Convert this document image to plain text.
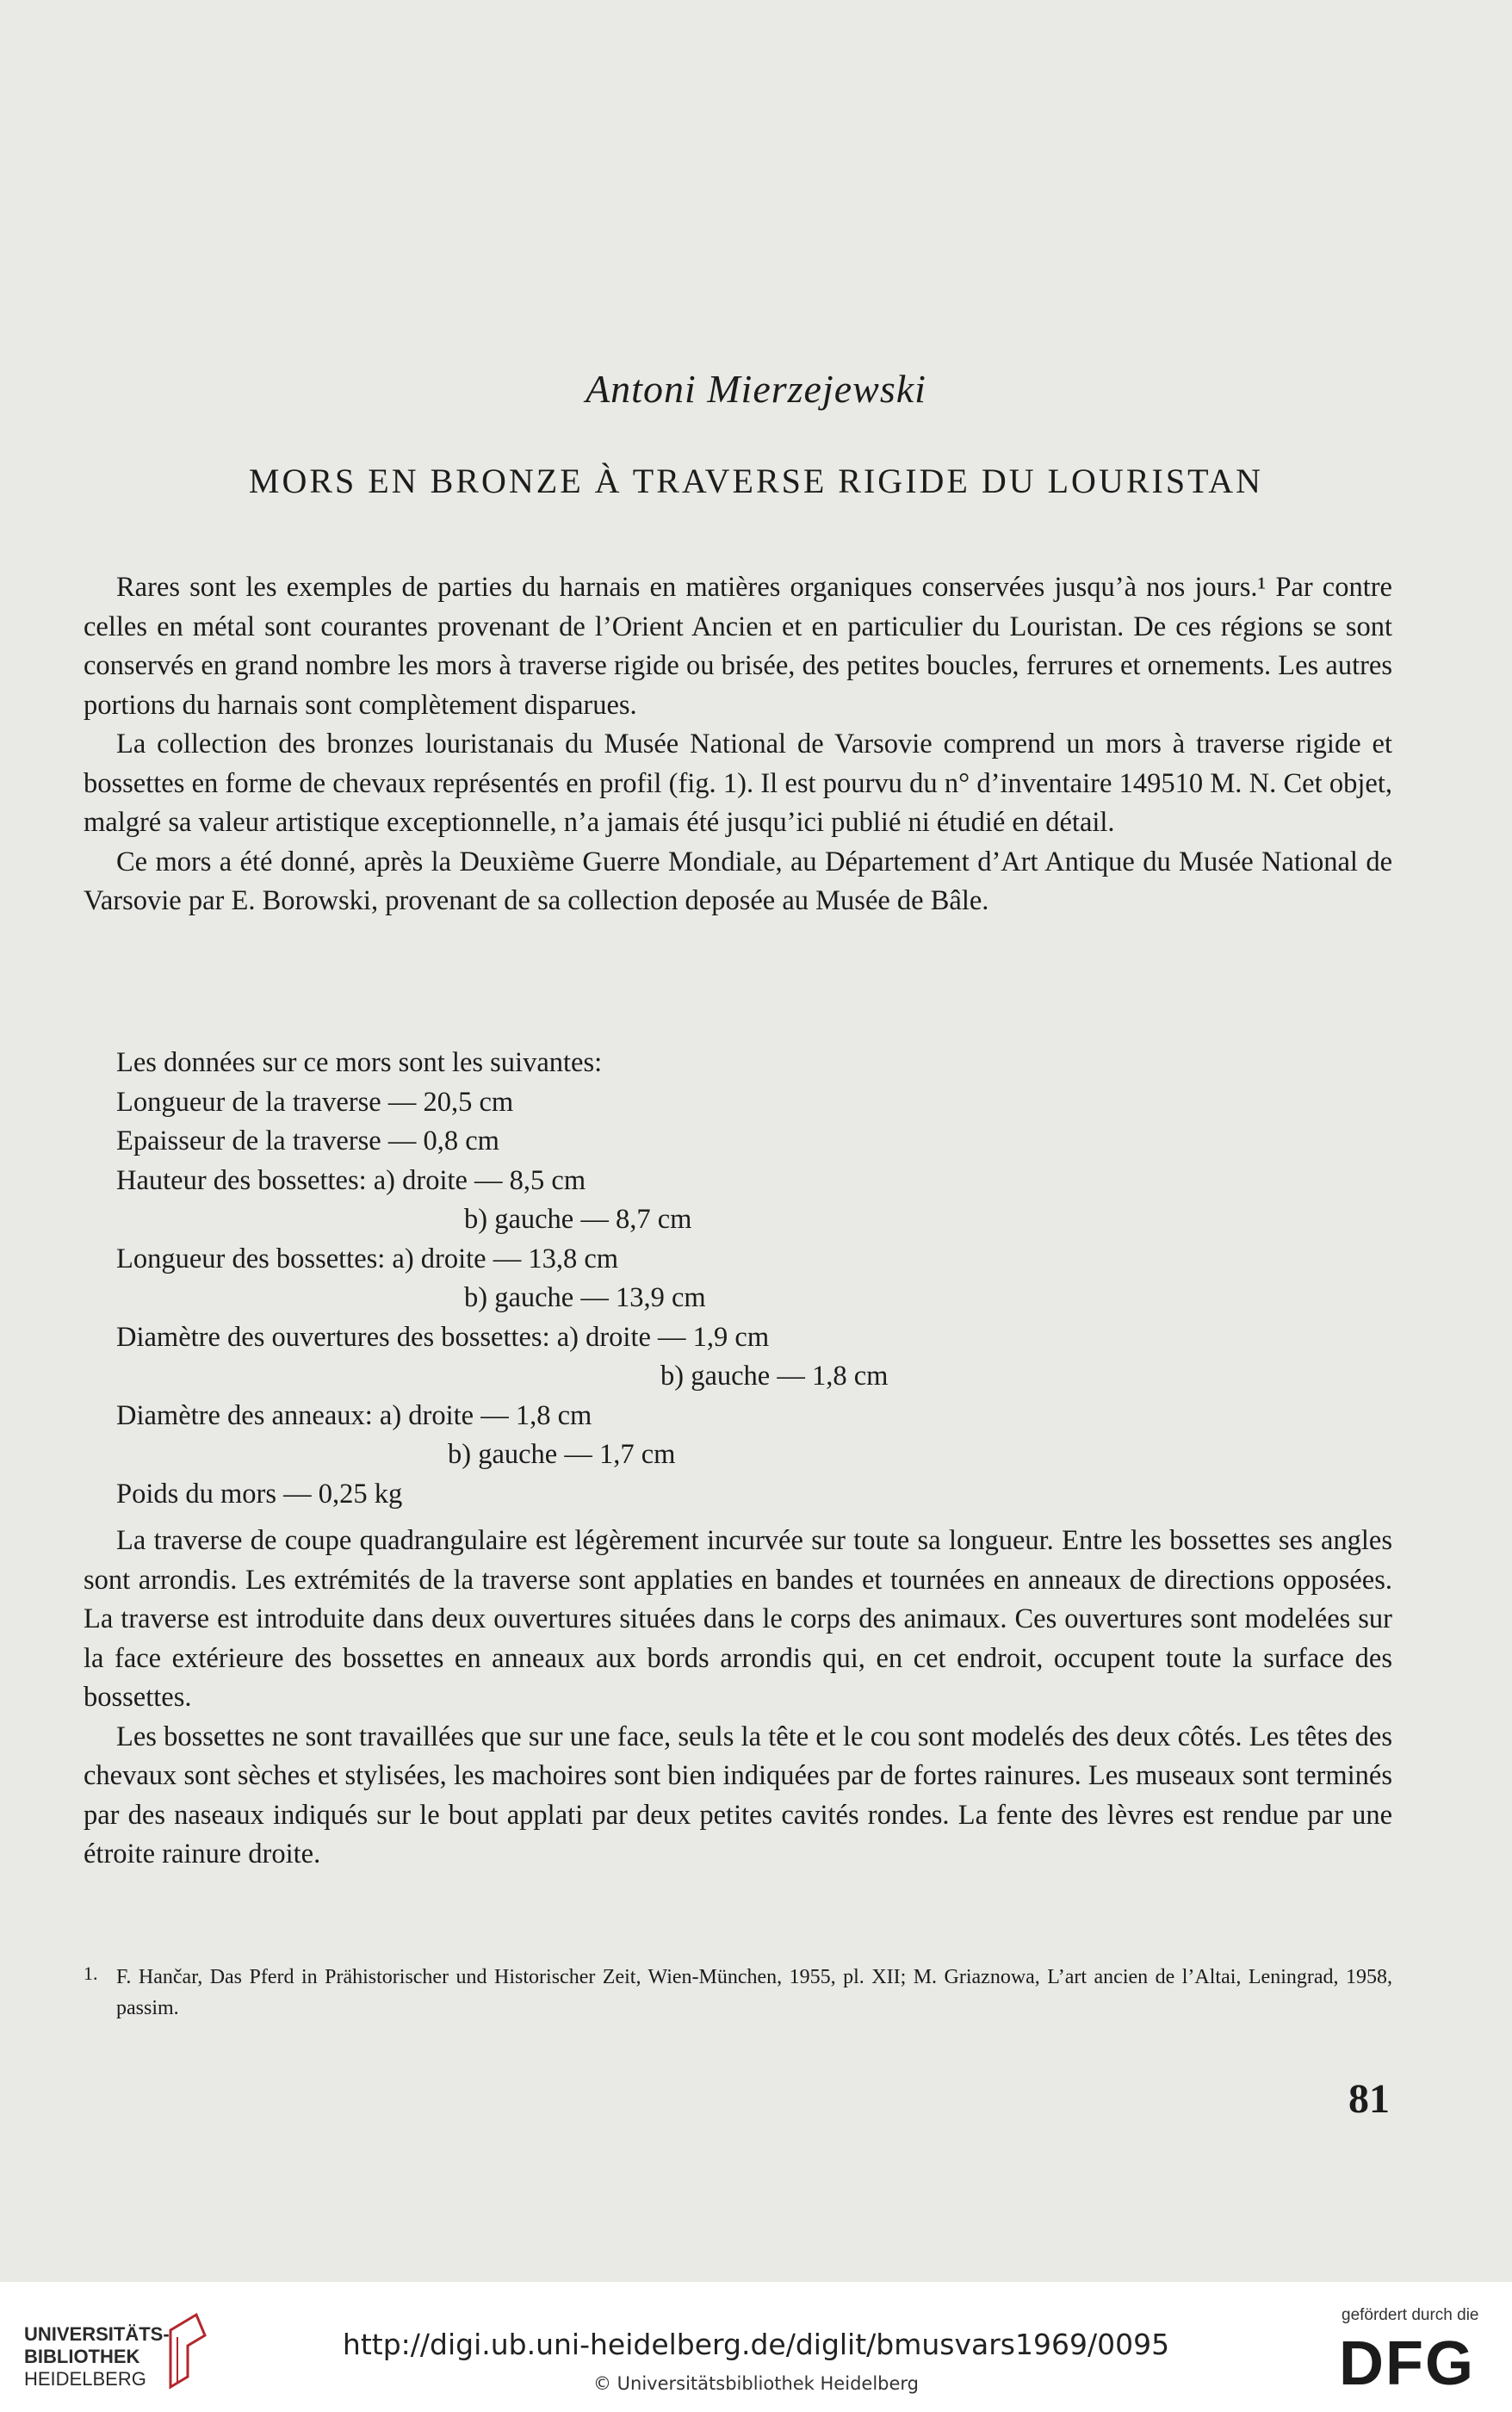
Antoni Mierzejewski
MORS EN BRONZE À TRAVERSE RIGIDE DU LOURISTAN

Rares sont les exemples de parties du harnais en matières organiques conservées jusqu’à nos jours.¹ Par contre celles en métal sont courantes provenant de l’Orient Ancien et en particulier du Louristan. De ces régions se sont conservés en grand nombre les mors à traverse rigide ou brisée, des petites boucles, ferrures et ornements. Les autres portions du harnais sont complètement disparues.

La collection des bronzes louristanais du Musée National de Varsovie comprend un mors à traverse rigide et bossettes en forme de chevaux représentés en profil (fig. 1). Il est pourvu du n° d’inventaire 149510 M. N. Cet objet, malgré sa valeur artistique exceptionnelle, n’a jamais été jusqu’ici publié ni étudié en détail.

Ce mors a été donné, après la Deuxième Guerre Mondiale, au Département d’Art Antique du Musée National de Varsovie par E. Borowski, provenant de sa collection deposée au Musée de Bâle.

Les données sur ce mors sont les suivantes:
Longueur de la traverse — 20,5 cm
Epaisseur de la traverse — 0,8 cm
Hauteur des bossettes: a) droite — 8,5 cm
b) gauche — 8,7 cm
Longueur des bossettes: a) droite — 13,8 cm
b) gauche — 13,9 cm
Diamètre des ouvertures des bossettes: a) droite — 1,9 cm
b) gauche — 1,8 cm
Diamètre des anneaux: a) droite — 1,8 cm
b) gauche — 1,7 cm
Poids du mors — 0,25 kg

La traverse de coupe quadrangulaire est légèrement incurvée sur toute sa longueur. Entre les bossettes ses angles sont arrondis. Les extrémités de la traverse sont applaties en bandes et tournées en anneaux de directions opposées. La traverse est introduite dans deux ouvertures situées dans le corps des animaux. Ces ouvertures sont modelées sur la face extérieure des bossettes en anneaux aux bords arrondis qui, en cet endroit, occupent toute la surface des bossettes.

Les bossettes ne sont travaillées que sur une face, seuls la tête et le cou sont modelés des deux côtés. Les têtes des chevaux sont sèches et stylisées, les machoires sont bien indiquées par de fortes rainures. Les museaux sont terminés par des naseaux indiqués sur le bout applati par deux petites cavités rondes. La fente des lèvres est rendue par une étroite rainure droite.

1. F. Hančar, Das Pferd in Prähistorischer und Historischer Zeit, Wien-München, 1955, pl. XII; M. Griaznowa, L’art ancien de l’Altai, Leningrad, 1958, passim.
81
UNIVERSITÄTS-
BIBLIOTHEK
HEIDELBERG
http://digi.ub.uni-heidelberg.de/diglit/bmusvars1969/0095
© Universitätsbibliothek Heidelberg
gefördert durch die
DFG
